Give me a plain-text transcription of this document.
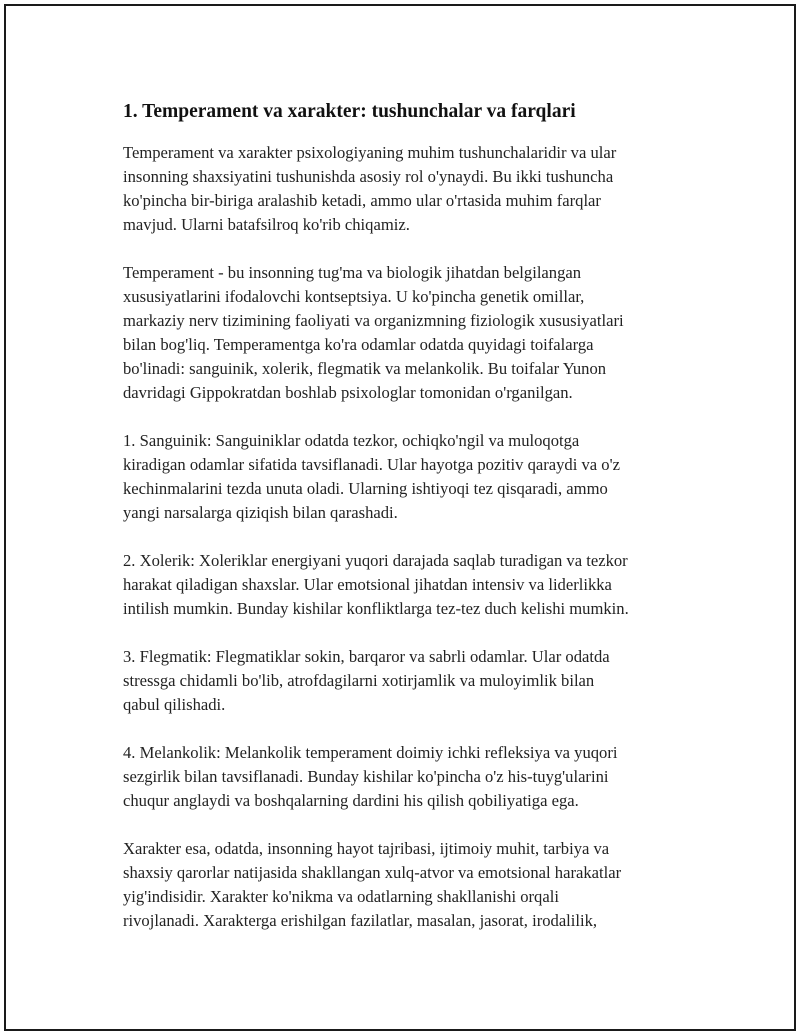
1. Temperament va xarakter: tushunchalar va farqlari

Temperament va xarakter psixologiyaning muhim tushunchalaridir va ular
insonning shaxsiyatini tushunishda asosiy rol o'ynaydi. Bu ikki tushuncha
ko'pincha bir-biriga aralashib ketadi, ammo ular o'rtasida muhim farqlar
mavjud. Ularni batafsilroq ko'rib chiqamiz.

Temperament - bu insonning tug'ma va biologik jihatdan belgilangan
xususiyatlarini ifodalovchi kontseptsiya. U ko'pincha genetik omillar,
markaziy nerv tizimining faoliyati va organizmning fiziologik xususiyatlari
bilan bog'liq. Temperamentga ko'ra odamlar odatda quyidagi toifalarga
bo'linadi: sanguinik, xolerik, flegmatik va melankolik. Bu toifalar Yunon
davridagi Gippokratdan boshlab psixologlar tomonidan o'rganilgan.

1. Sanguinik: Sanguiniklar odatda tezkor, ochiqko'ngil va muloqotga
kiradigan odamlar sifatida tavsiflanadi. Ular hayotga pozitiv qaraydi va o'z
kechinmalarini tezda unuta oladi. Ularning ishtiyoqi tez qisqaradi, ammo
yangi narsalarga qiziqish bilan qarashadi.

2. Xolerik: Xoleriklar energiyani yuqori darajada saqlab turadigan va tezkor
harakat qiladigan shaxslar. Ular emotsional jihatdan intensiv va liderlikka
intilish mumkin. Bunday kishilar konfliktlarga tez-tez duch kelishi mumkin.

3. Flegmatik: Flegmatiklar sokin, barqaror va sabrli odamlar. Ular odatda
stressga chidamli bo'lib, atrofdagilarni xotirjamlik va muloyimlik bilan
qabul qilishadi.

4. Melankolik: Melankolik temperament doimiy ichki refleksiya va yuqori
sezgirlik bilan tavsiflanadi. Bunday kishilar ko'pincha o'z his-tuyg'ularini
chuqur anglaydi va boshqalarning dardini his qilish qobiliyatiga ega.

Xarakter esa, odatda, insonning hayot tajribasi, ijtimoiy muhit, tarbiya va
shaxsiy qarorlar natijasida shakllangan xulq-atvor va emotsional harakatlar
yig'indisidir. Xarakter ko'nikma va odatlarning shakllanishi orqali
rivojlanadi. Xarakterga erishilgan fazilatlar, masalan, jasorat, irodalilik,
